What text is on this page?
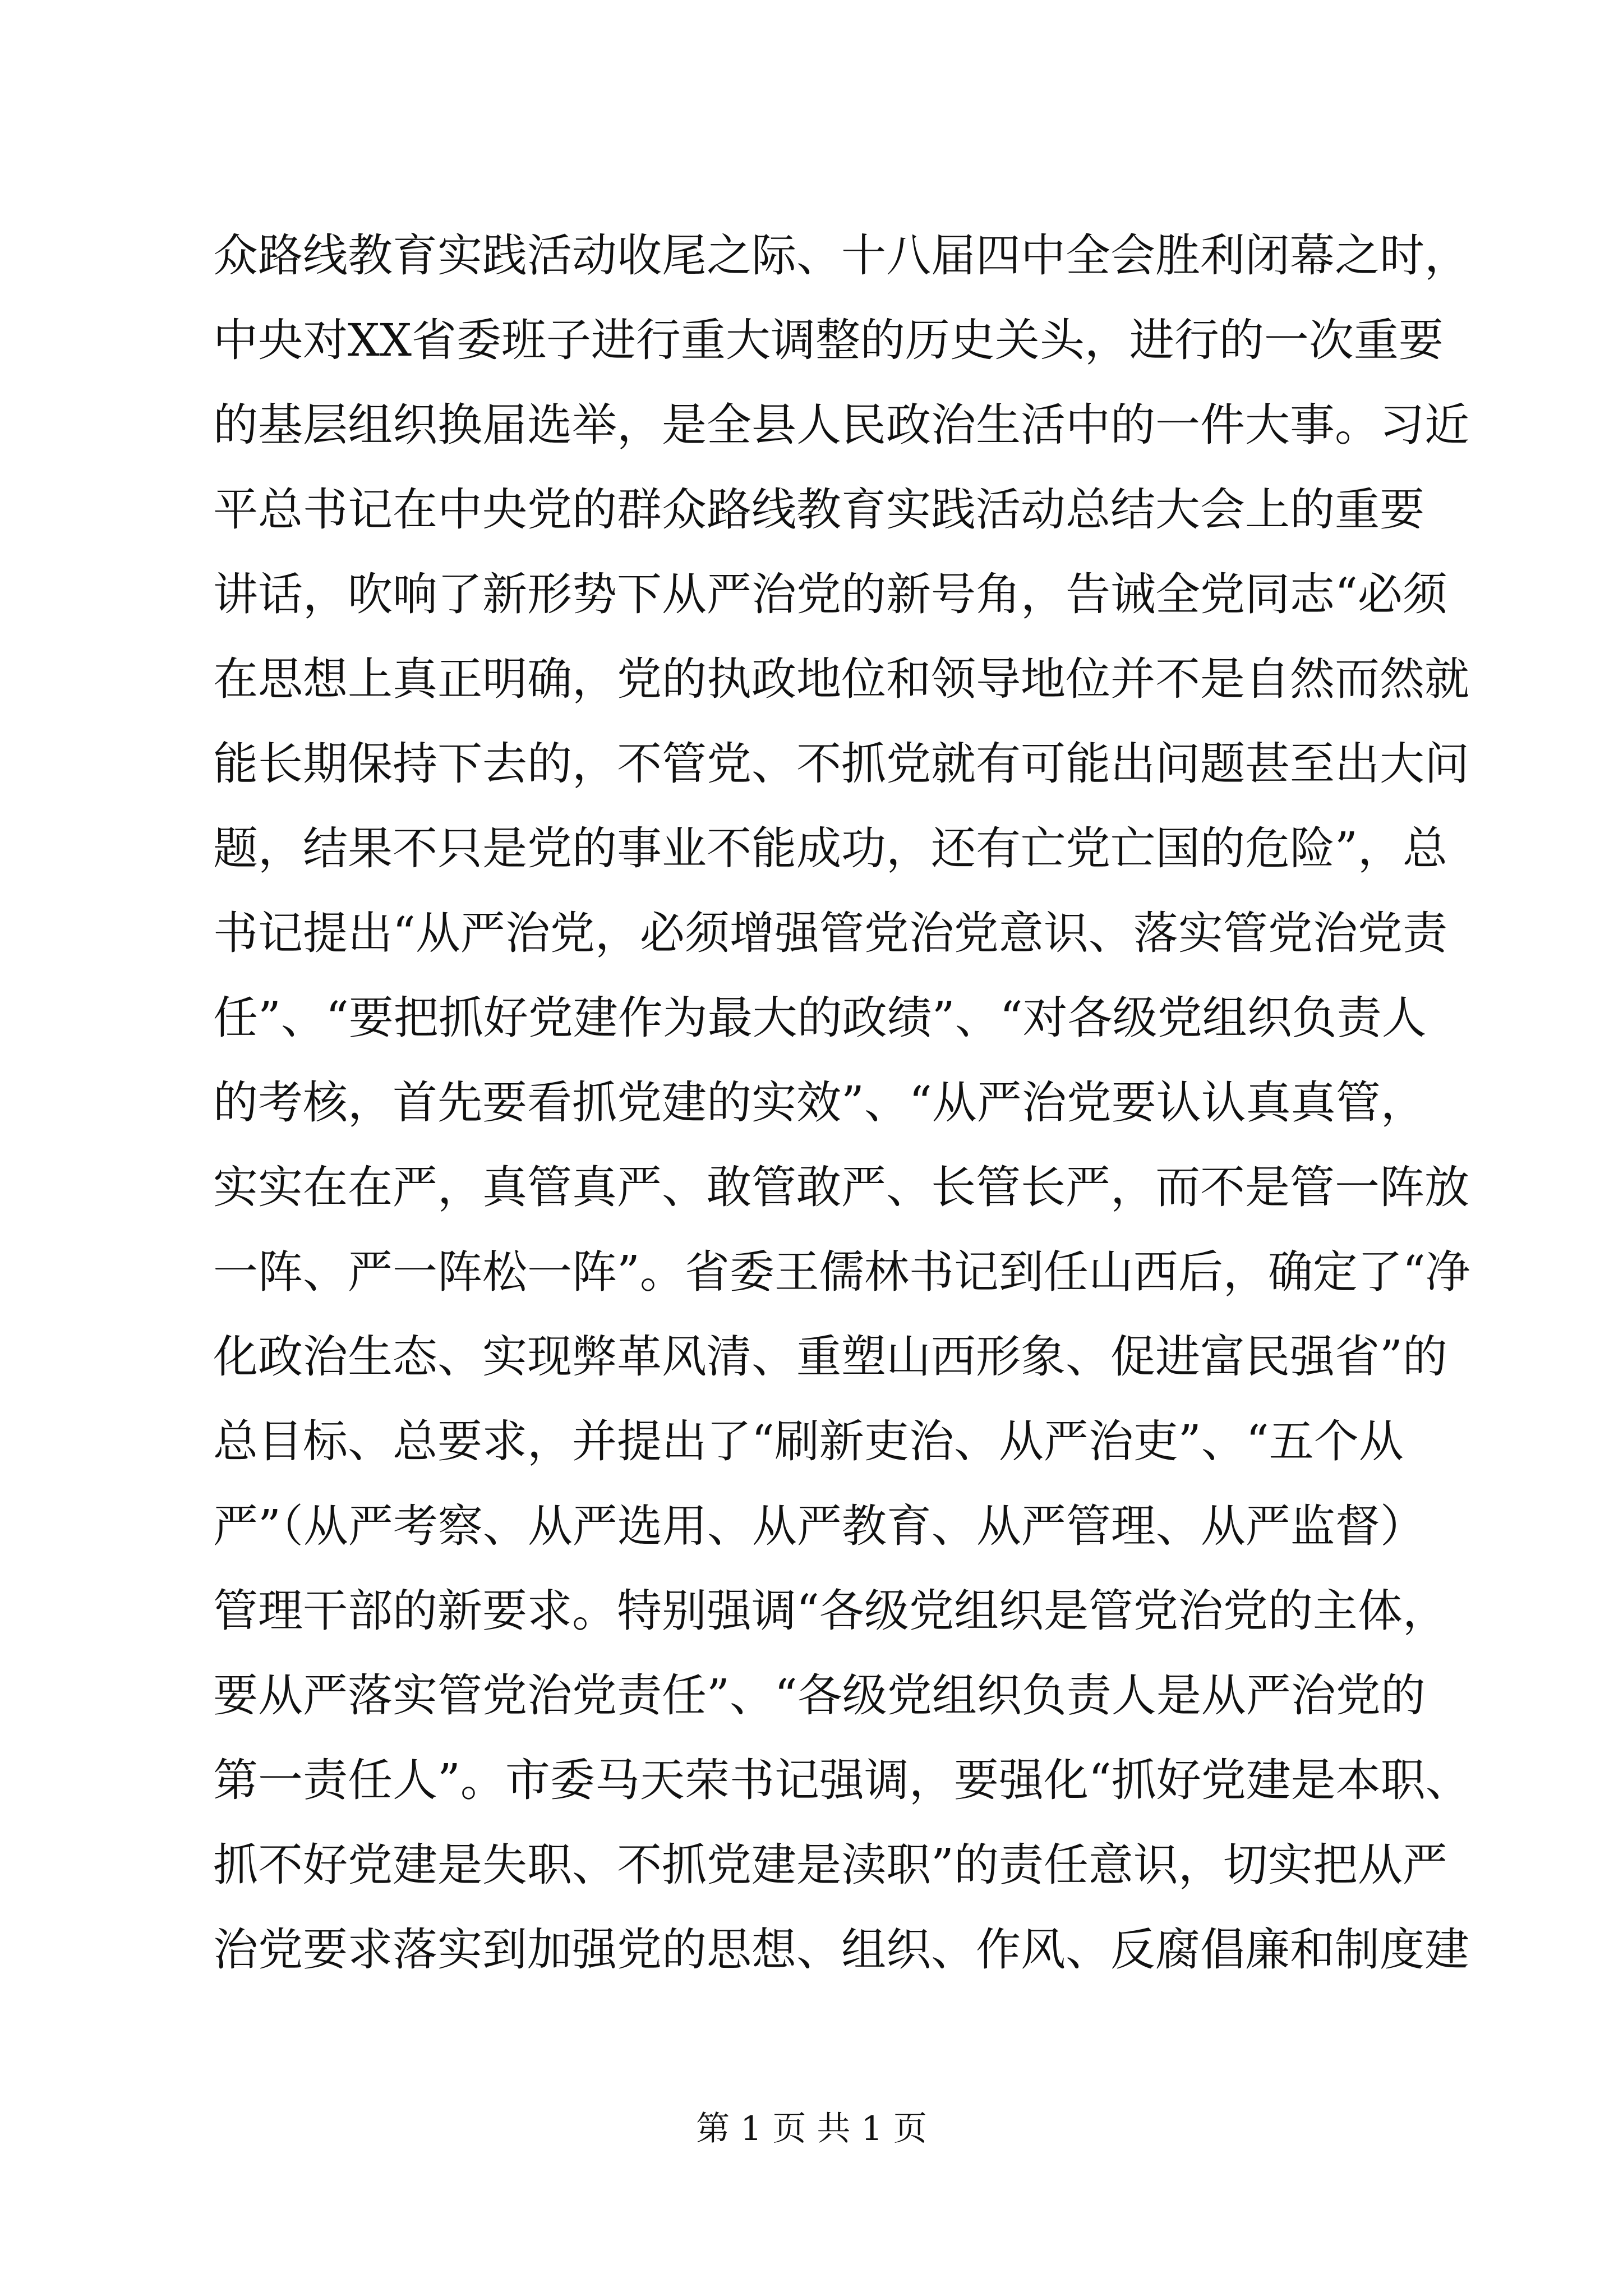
众路线教育实践活动收尾之际、十八届四中全会胜利闭幕之时，
中央对XX省委班子进行重大调整的历史关头，进行的一次重要
的基层组织换届选举，是全县人民政治生活中的一件大事。习近
平总书记在中央党的群众路线教育实践活动总结大会上的重要
讲话，吹响了新形势下从严治党的新号角，告诫全党同志“必须
在思想上真正明确，党的执政地位和领导地位并不是自然而然就
能长期保持下去的，不管党、不抓党就有可能出问题甚至出大问
题，结果不只是党的事业不能成功，还有亡党亡国的危险”，总
书记提出“从严治党，必须增强管党治党意识、落实管党治党责
任”、“要把抓好党建作为最大的政绩”、“对各级党组织负责人
的考核，首先要看抓党建的实效”、“从严治党要认认真真管，
实实在在严，真管真严、敢管敢严、长管长严，而不是管一阵放
一阵、严一阵松一阵”。省委王儒林书记到任山西后，确定了“净
化政治生态、实现弊革风清、重塑山西形象、促进富民强省”的
总目标、总要求，并提出了“刷新吏治、从严治吏”、“五个从
严”（从严考察、从严选用、从严教育、从严管理、从严监督）
管理干部的新要求。特别强调“各级党组织是管党治党的主体，
要从严落实管党治党责任”、“各级党组织负责人是从严治党的
第一责任人”。市委马天荣书记强调，要强化“抓好党建是本职、
抓不好党建是失职、不抓党建是渎职”的责任意识，切实把从严
治党要求落实到加强党的思想、组织、作风、反腐倡廉和制度建
第 1 页 共 1 页
